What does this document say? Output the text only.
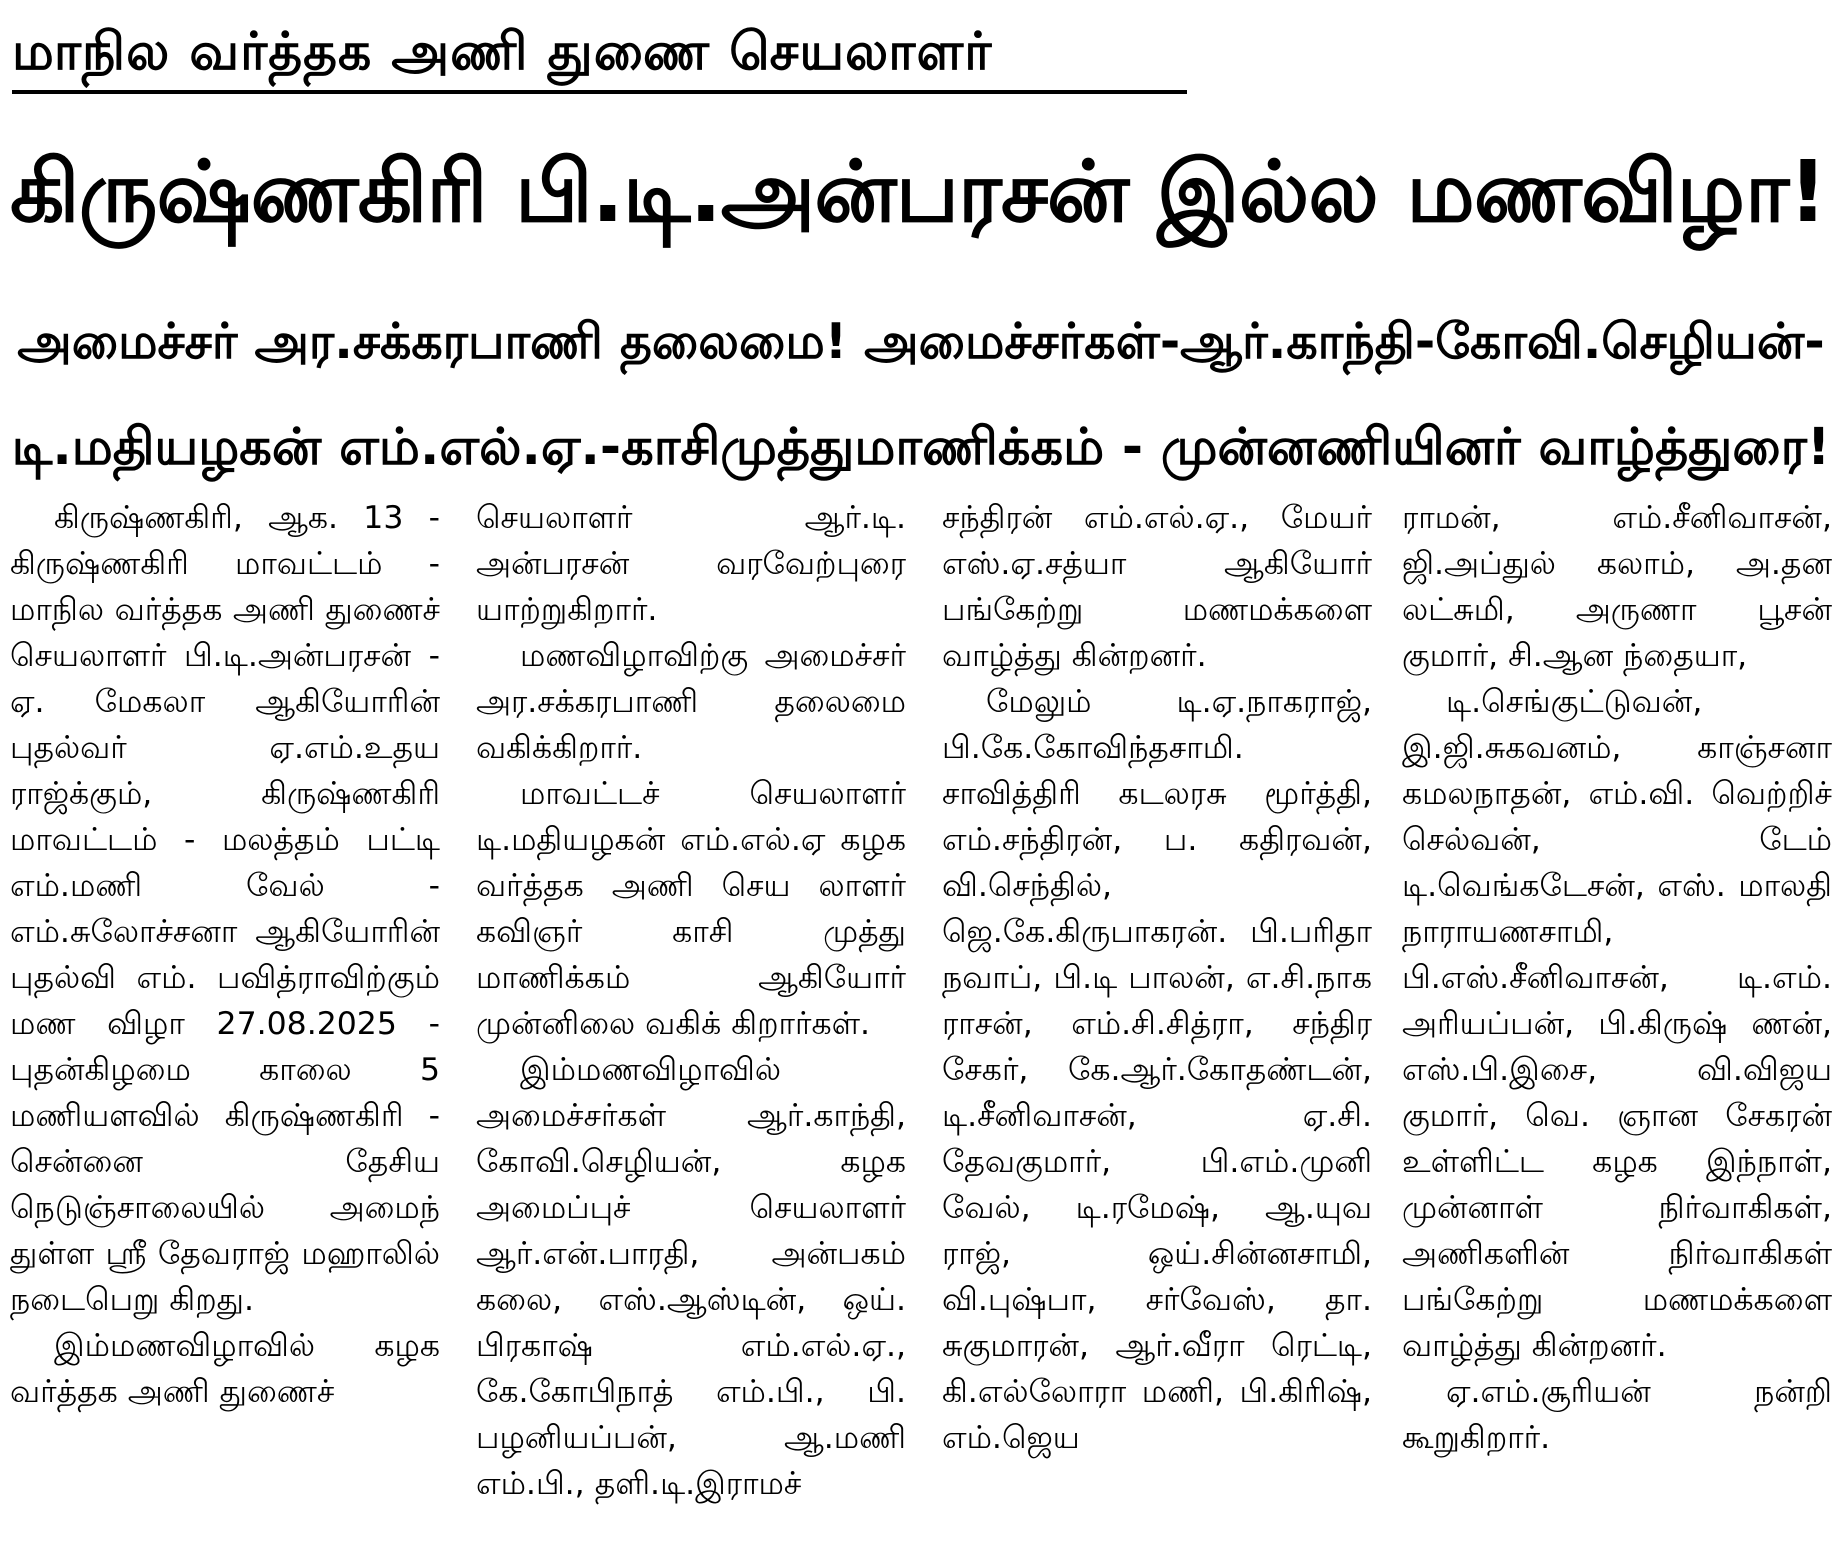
மாநில வர்த்தக அணி துணை செயலாளர்
கிருஷ்ணகிரி பி.டி.அன்பரசன் இல்ல மணவிழா!
அமைச்சர் அர.சக்கரபாணி தலைமை! அமைச்சர்கள்-ஆர்.காந்தி-கோவி.செழியன்-
டி.மதியழகன் எம்.எல்.ஏ.-காசிமுத்துமாணிக்கம் - முன்னணியினர் வாழ்த்துரை!

கிருஷ்ணகிரி, ஆக. 13 - கிருஷ்ணகிரி மாவட்டம் - மாநில வர்த்தக அணி துணைச் செயலாளர் பி.டி.அன்பரசன் - ஏ. மேகலா ஆகியோரின் புதல்வர் ஏ.எம்.உதய ராஜ்க்கும், கிருஷ்ணகிரி மாவட்டம் - மலத்தம் பட்டி எம்.மணி வேல் - எம்.சுலோச்சனா ஆகியோரின் புதல்வி எம். பவித்ராவிற்கும் மண விழா 27.08.2025 - புதன்கிழமை காலை 5 மணியளவில் கிருஷ்ணகிரி - சென்னை தேசிய நெடுஞ்சாலையில் அமைந் துள்ள ஸ்ரீ தேவராஜ் மஹாலில் நடைபெறு கிறது.

இம்மணவிழாவில் கழக வர்த்தக அணி துணைச்

செயலாளர் ஆர்.டி. அன்பரசன் வரவேற்புரை யாற்றுகிறார்.

மணவிழாவிற்கு அமைச்சர் அர.சக்கரபாணி தலைமை வகிக்கிறார்.

மாவட்டச் செயலாளர் டி.மதியழகன் எம்.எல்.ஏ கழக வர்த்தக அணி செய லாளர் கவிஞர் காசி முத்து மாணிக்கம் ஆகியோர் முன்னிலை வகிக் கிறார்கள்.

இம்மணவிழாவில் அமைச்சர்கள் ஆர்.காந்தி, கோவி.செழியன், கழக அமைப்புச் செயலாளர் ஆர்.என்.பாரதி, அன்பகம் கலை, எஸ்.ஆஸ்டின், ஒய். பிரகாஷ் எம்.எல்.ஏ., கே.கோபிநாத் எம்.பி., பி. பழனியப்பன், ஆ.மணி எம்.பி., தளி.டி.இராமச்

சந்திரன் எம்.எல்.ஏ., மேயர் எஸ்.ஏ.சத்யா ஆகியோர் பங்கேற்று மணமக்களை வாழ்த்து கின்றனர்.

மேலும் டி.ஏ.நாகராஜ், பி.கே.கோவிந்தசாமி. சாவித்திரி கடலரசு மூர்த்தி, எம்.சந்திரன், ப. கதிரவன், வி.செந்தில், ஜெ.கே.கிருபாகரன். பி.பரிதா நவாப், பி.டி பாலன், எ.சி.நாக ராசன், எம்.சி.சித்ரா, சந்திர சேகர், கே.ஆர்.கோதண்டன், டி.சீனிவாசன், ஏ.சி. தேவகுமார், பி.எம்.முனி வேல், டி.ரமேஷ், ஆ.யுவ ராஜ், ஒய்.சின்னசாமி, வி.புஷ்பா, சர்வேஸ், தா. சுகுமாரன், ஆர்.வீரா ரெட்டி, கி.எல்லோரா மணி, பி.கிரிஷ், எம்.ஜெய

ராமன், எம்.சீனிவாசன், ஜி.அப்துல் கலாம், அ.தன லட்சுமி, அருணா பூசன் குமார், சி.ஆன ந்தையா,

டி.செங்குட்டுவன், இ.ஜி.சுகவனம், காஞ்சனா கமலநாதன், எம்.வி. வெற்றிச் செல்வன், டேம் டி.வெங்கடேசன், எஸ். மாலதி நாராயணசாமி, பி.எஸ்.சீனிவாசன், டி.எம். அரியப்பன், பி.கிருஷ் ணன், எஸ்.பி.இசை, வி.விஜய குமார், வெ. ஞான சேகரன் உள்ளிட்ட கழக இந்நாள், முன்னாள் நிர்வாகிகள், அணிகளின் நிர்வாகிகள் பங்கேற்று மணமக்களை வாழ்த்து கின்றனர்.

ஏ.எம்.சூரியன் நன்றி கூறுகிறார்.
